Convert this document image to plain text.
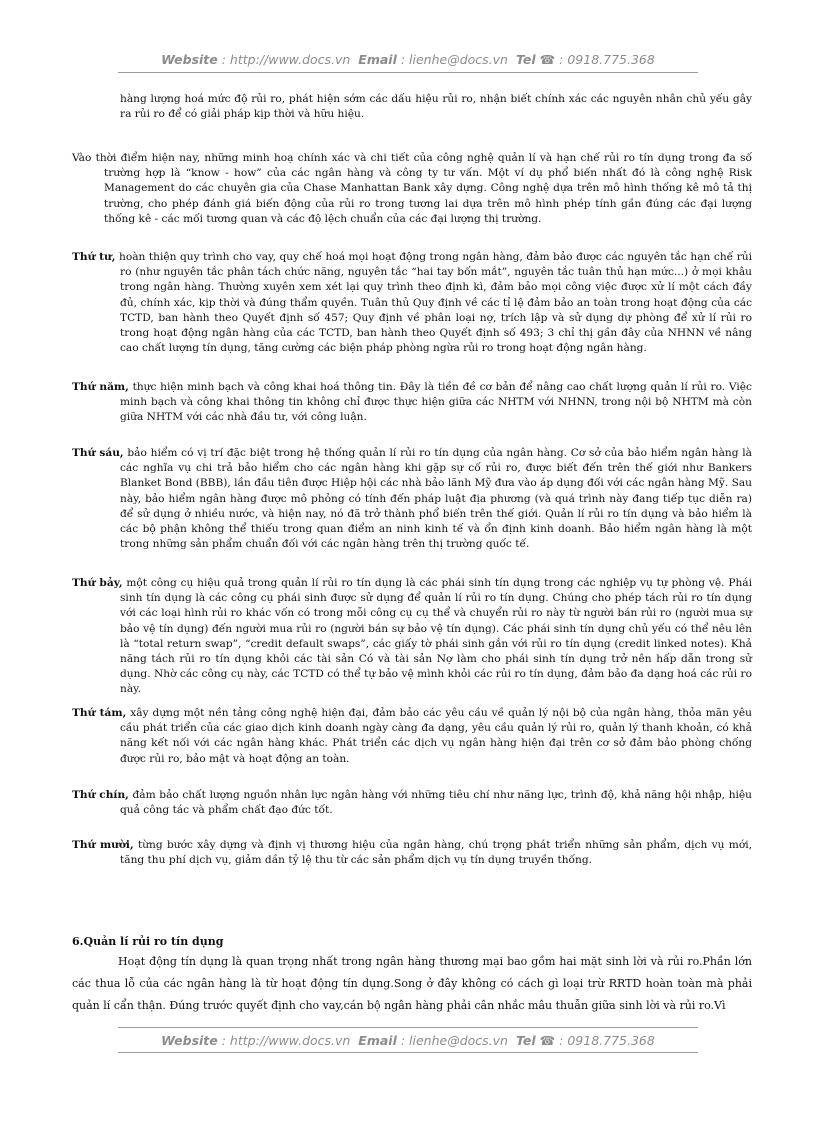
Website : http://www.docs.vn Email : lienhe@docs.vn Tel ☎ : 0918.775.368

hàng lượng hoá mức độ rủi ro, phát hiện sớm các dấu hiệu rủi ro, nhận biết chính xác các nguyên nhân chủ yếu gây ra rủi ro để có giải pháp kịp thời và hữu hiệu.

Vào thời điểm hiện nay, những minh hoạ chính xác và chi tiết của công nghệ quản lí và hạn chế rủi ro tín dụng trong đa số trường hợp là “know - how” của các ngân hàng và công ty tư vấn. Một ví dụ phổ biến nhất đó là công nghệ Risk Management do các chuyên gia của Chase Manhattan Bank xây dựng. Công nghệ dựa trên mô hình thống kê mô tả thị trường, cho phép đánh giá biến động của rủi ro trong tương lai dựa trên mô hình phép tính gần đúng các đại lượng thống kê - các mối tương quan và các độ lệch chuẩn của các đại lượng thị trường.

Thứ tư, hoàn thiện quy trình cho vay, quy chế hoá mọi hoạt động trong ngân hàng, đảm bảo được các nguyên tắc hạn chế rủi ro (như nguyên tắc phân tách chức năng, nguyên tắc “hai tay bốn mắt”, nguyên tắc tuân thủ hạn mức...) ở mọi khâu trong ngân hàng. Thường xuyên xem xét lại quy trình theo định kì, đảm bảo mọi công việc được xử lí một cách đầy đủ, chính xác, kịp thời và đúng thẩm quyền. Tuân thủ Quy định về các tỉ lệ đảm bảo an toàn trong hoạt động của các TCTD, ban hành theo Quyết định số 457; Quy định về phân loại nợ, trích lập và sử dụng dự phòng để xử lí rủi ro trong hoạt động ngân hàng của các TCTD, ban hành theo Quyết định số 493; 3 chỉ thị gần đây của NHNN về nâng cao chất lượng tín dụng, tăng cường các biện pháp phòng ngừa rủi ro trong hoạt động ngân hàng.

Thứ năm, thực hiện minh bạch và công khai hoá thông tin. Đây là tiền đề cơ bản để nâng cao chất lượng quản lí rủi ro. Việc minh bạch và công khai thông tin không chỉ được thực hiện giữa các NHTM với NHNN, trong nội bộ NHTM mà còn giữa NHTM với các nhà đầu tư, với công luận.

Thứ sáu, bảo hiểm có vị trí đặc biệt trong hệ thống quản lí rủi ro tín dụng của ngân hàng. Cơ sở của bảo hiểm ngân hàng là các nghĩa vụ chi trả bảo hiểm cho các ngân hàng khi gặp sự cố rủi ro, được biết đến trên thế giới như Bankers Blanket Bond (BBB), lần đầu tiên được Hiệp hội các nhà bảo lãnh Mỹ đưa vào áp dụng đối với các ngân hàng Mỹ. Sau này, bảo hiểm ngân hàng được mô phỏng có tính đến pháp luật địa phương (và quá trình này đang tiếp tục diễn ra) để sử dụng ở nhiều nước, và hiện nay, nó đã trở thành phổ biến trên thế giới. Quản lí rủi ro tín dụng và bảo hiểm là các bộ phận không thể thiếu trong quan điểm an ninh kinh tế và ổn định kinh doanh. Bảo hiểm ngân hàng là một trong những sản phẩm chuẩn đối với các ngân hàng trên thị trường quốc tế.

Thứ bảy, một công cụ hiệu quả trong quản lí rủi ro tín dụng là các phái sinh tín dụng trong các nghiệp vụ tự phòng vệ. Phái sinh tín dụng là các công cụ phái sinh được sử dụng để quản lí rủi ro tín dụng. Chúng cho phép tách rủi ro tín dụng với các loại hình rủi ro khác vốn có trong mỗi công cụ cụ thể và chuyển rủi ro này từ người bán rủi ro (người mua sự bảo vệ tín dụng) đến người mua rủi ro (người bán sự bảo vệ tín dụng). Các phái sinh tín dụng chủ yếu có thể nêu lên là “total return swap”, “credit default swaps”, các giấy tờ phái sinh gắn với rủi ro tín dụng (credit linked notes). Khả năng tách rủi ro tín dụng khỏi các tài sản Có và tài sản Nợ làm cho phái sinh tín dụng trở nên hấp dẫn trong sử dụng. Nhờ các công cụ này, các TCTD có thể tự bảo vệ mình khỏi các rủi ro tín dụng, đảm bảo đa dạng hoá các rủi ro này.

Thứ tám, xây dựng một nền tảng công nghệ hiện đại, đảm bảo các yêu cầu về quản lý nội bộ của ngân hàng, thỏa mãn yêu cầu phát triển của các giao dịch kinh doanh ngày càng đa dạng, yêu cầu quản lý rủi ro, quản lý thanh khoản, có khả năng kết nối với các ngân hàng khác. Phát triển các dịch vụ ngân hàng hiện đại trên cơ sở đảm bảo phòng chống được rủi ro, bảo mật và hoạt động an toàn.

Thứ chín, đảm bảo chất lượng nguồn nhân lực ngân hàng với những tiêu chí như năng lực, trình độ, khả năng hội nhập, hiệu quả công tác và phẩm chất đạo đức tốt.

Thứ mười, từng bước xây dựng và định vị thương hiệu của ngân hàng, chú trọng phát triển những sản phẩm, dịch vụ mới, tăng thu phí dịch vụ, giảm dần tỷ lệ thu từ các sản phẩm dịch vụ tín dụng truyền thống.

6.Quản lí rủi ro tín dụng

Hoạt động tín dụng là quan trọng nhất trong ngân hàng thương mại bao gồm hai mặt sinh lời và rủi ro.Phần lớn các thua lỗ của các ngân hàng là từ hoạt động tín dụng.Song ở đây không có cách gì loại trừ RRTD hoàn toàn mà phải quản lí cẩn thận. Đúng trước quyết định cho vay,cán bộ ngân hàng phải cân nhắc mâu thuẫn giữa sinh lời và rủi ro.Vì

Website : http://www.docs.vn Email : lienhe@docs.vn Tel ☎ : 0918.775.368
